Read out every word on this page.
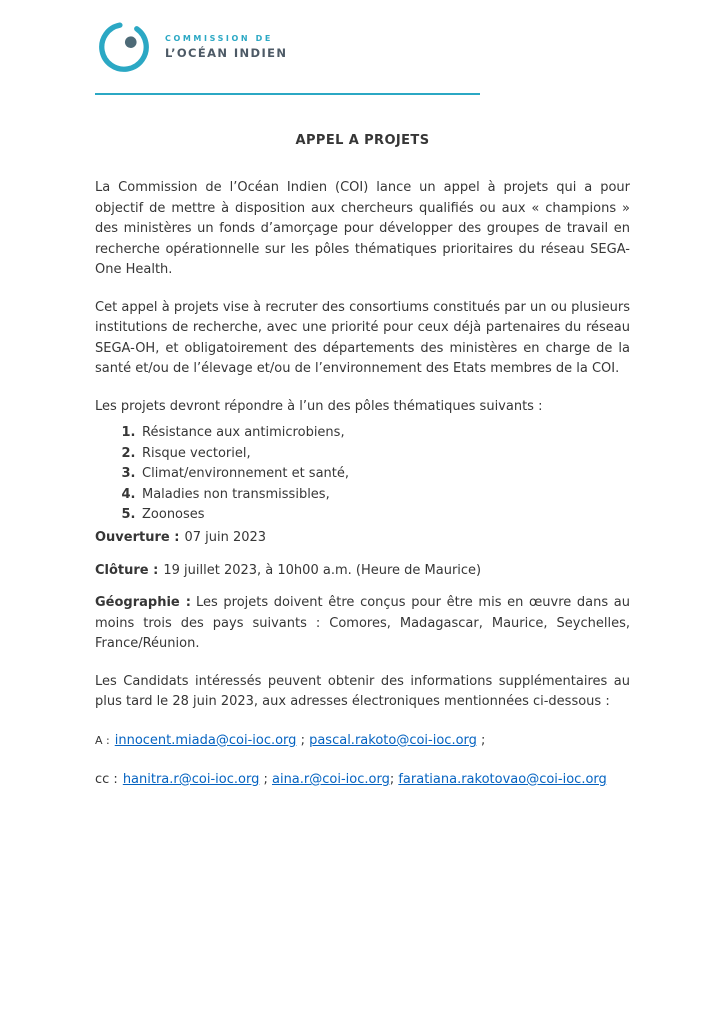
COMMISSION DE
L’OCÉAN INDIEN
APPEL A PROJETS

La Commission de l’Océan Indien (COI) lance un appel à projets qui a pour objectif de mettre à disposition aux chercheurs qualifiés ou aux « champions » des ministères un fonds d’amorçage pour développer des groupes de travail en recherche opérationnelle sur les pôles thématiques prioritaires du réseau SEGA-One Health.

Cet appel à projets vise à recruter des consortiums constitués par un ou plusieurs institutions de recherche, avec une priorité pour ceux déjà partenaires du réseau SEGA-OH, et obligatoirement des départements des ministères en charge de la santé et/ou de l’élevage et/ou de l’environnement des Etats membres de la COI.

Les projets devront répondre à l’un des pôles thématiques suivants :

1. Résistance aux antimicrobiens,
2. Risque vectoriel,
3. Climat/environnement et santé,
4. Maladies non transmissibles,
5. Zoonoses

Ouverture : 07 juin 2023

Clôture : 19 juillet 2023, à 10h00 a.m. (Heure de Maurice)

Géographie : Les projets doivent être conçus pour être mis en œuvre dans au moins trois des pays suivants : Comores, Madagascar, Maurice, Seychelles, France/Réunion.

Les Candidats intéressés peuvent obtenir des informations supplémentaires au plus tard le 28 juin 2023, aux adresses électroniques mentionnées ci-dessous :

A : innocent.miada@coi-ioc.org ; pascal.rakoto@coi-ioc.org ;

cc : hanitra.r@coi-ioc.org ; aina.r@coi-ioc.org; faratiana.rakotovao@coi-ioc.org
